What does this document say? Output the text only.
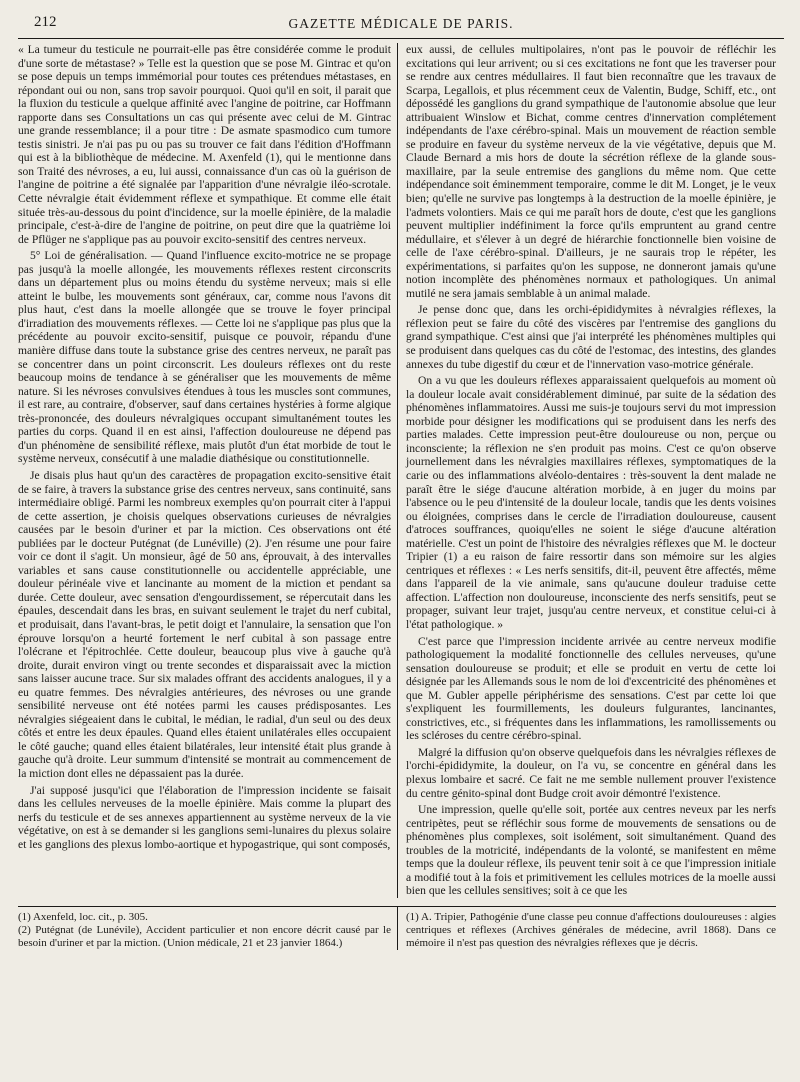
212	GAZETTE MÉDICALE DE PARIS.

« La tumeur du testicule ne pourrait-elle pas être considérée comme le produit d'une sorte de métastase? » Telle est la question que se pose M. Gintrac et qu'on se pose depuis un temps immémorial pour toutes ces prétendues métastases, en répondant oui ou non, sans trop savoir pourquoi. Quoi qu'il en soit, il parait que la fluxion du testicule a quelque affinité avec l'angine de poitrine, car Hoffmann rapporte dans ses Consultations un cas qui présente avec celui de M. Gintrac une grande ressemblance; il a pour titre : De asmate spasmodico cum tumore testis sinistri. Je n'ai pas pu ou pas su trouver ce fait dans l'édition d'Hoffmann qui est à la bibliothèque de médecine. M. Axenfeld (1), qui le mentionne dans son Traité des névroses, a eu, lui aussi, connaissance d'un cas où la guérison de l'angine de poitrine a été signalée par l'apparition d'une névralgie iléo-scrotale. Cette névralgie était évidemment réflexe et sympathique. Et comme elle était située très-au-dessous du point d'incidence, sur la moelle épinière, de la maladie principale, c'est-à-dire de l'angine de poitrine, on peut dire que la quatrième loi de Pflüger ne s'applique pas au pouvoir excito-sensitif des centres nerveux.

5° Loi de généralisation. — Quand l'influence excito-motrice ne se propage pas jusqu'à la moelle allongée, les mouvements réflexes restent circonscrits dans un département plus ou moins étendu du système nerveux; mais si elle atteint le bulbe, les mouvements sont généraux, car, comme nous l'avons dit plus haut, c'est dans la moelle allongée que se trouve le foyer principal d'irradiation des mouvements réflexes. — Cette loi ne s'applique pas plus que la précédente au pouvoir excito-sensitif, puisque ce pouvoir, répandu d'une manière diffuse dans toute la substance grise des centres nerveux, ne paraît pas se concentrer dans un point circonscrit. Les douleurs réflexes ont du reste beaucoup moins de tendance à se généraliser que les mouvements de même nature. Si les névroses convulsives étendues à tous les muscles sont communes, il est rare, au contraire, d'observer, sauf dans certaines hystéries à forme algique très-prononcée, des douleurs névralgiques occupant simultanément toutes les parties du corps. Quand il en est ainsi, l'affection douloureuse ne dépend pas d'un phénomène de sensibilité réflexe, mais plutôt d'un état morbide de tout le système nerveux, consécutif à une maladie diathésique ou constitutionnelle.

Je disais plus haut qu'un des caractères de propagation excito-sensitive était de se faire, à travers la substance grise des centres nerveux, sans continuité, sans intermédiaire obligé. Parmi les nombreux exemples qu'on pourrait citer à l'appui de cette assertion, je choisis quelques observations curieuses de névralgies causées par le besoin d'uriner et par la miction. Ces observations ont été publiées par le docteur Putégnat (de Lunéville) (2). J'en résume une pour faire voir ce dont il s'agit. Un monsieur, âgé de 50 ans, éprouvait, à des intervalles variables et sans cause constitutionnelle ou accidentelle appréciable, une douleur périnéale vive et lancinante au moment de la miction et pendant sa durée. Cette douleur, avec sensation d'engourdissement, se répercutait dans les épaules, descendait dans les bras, en suivant seulement le trajet du nerf cubital, et produisait, dans l'avant-bras, le petit doigt et l'annulaire, la sensation que l'on éprouve lorsqu'on a heurté fortement le nerf cubital à son passage entre l'olécrane et l'épitrochlée. Cette douleur, beaucoup plus vive à gauche qu'à droite, durait environ vingt ou trente secondes et disparaissait avec la miction sans laisser aucune trace. Sur six malades offrant des accidents analogues, il y a eu quatre femmes. Des névralgies antérieures, des névroses ou une grande sensibilité nerveuse ont été notées parmi les causes prédisposantes. Les névralgies siégeaient dans le cubital, le médian, le radial, d'un seul ou des deux côtés et entre les deux épaules. Quand elles étaient unilatérales elles occupaient le côté gauche; quand elles étaient bilatérales, leur intensité était plus grande à gauche qu'à droite. Leur summum d'intensité se montrait au commencement de la miction dont elles ne dépassaient pas la durée.

J'ai supposé jusqu'ici que l'élaboration de l'impression incidente se faisait dans les cellules nerveuses de la moelle épinière. Mais comme la plupart des nerfs du testicule et de ses annexes appartiennent au système nerveux de la vie végétative, on est à se demander si les ganglions semi-lunaires du plexus solaire et les ganglions des plexus lombo-aortique et hypogastrique, qui sont composés,

eux aussi, de cellules multipolaires, n'ont pas le pouvoir de réfléchir les excitations qui leur arrivent; ou si ces excitations ne font que les traverser pour se rendre aux centres médullaires. Il faut bien reconnaître que les travaux de Scarpa, Legallois, et plus récemment ceux de Valentin, Budge, Schiff, etc., ont dépossédé les ganglions du grand sympathique de l'autonomie absolue que leur attribuaient Winslow et Bichat, comme centres d'innervation complétement indépendants de l'axe cérébro-spinal. Mais un mouvement de réaction semble se produire en faveur du système nerveux de la vie végétative, depuis que M. Claude Bernard a mis hors de doute la sécrétion réflexe de la glande sous-maxillaire, par la seule entremise des ganglions du même nom. Que cette indépendance soit éminemment temporaire, comme le dit M. Longet, je le veux bien; qu'elle ne survive pas longtemps à la destruction de la moelle épinière, je l'admets volontiers. Mais ce qui me paraît hors de doute, c'est que les ganglions peuvent multiplier indéfiniment la force qu'ils empruntent au grand centre médullaire, et s'élever à un degré de hiérarchie fonctionnelle bien voisine de celle de l'axe cérébro-spinal. D'ailleurs, je ne saurais trop le répéter, les expérimentations, si parfaites qu'on les suppose, ne donneront jamais qu'une notion incomplète des phénomènes normaux et pathologiques. Un animal mutilé ne sera jamais semblable à un animal malade.

Je pense donc que, dans les orchi-épididymites à névralgies réflexes, la réflexion peut se faire du côté des viscères par l'entremise des ganglions du grand sympathique. C'est ainsi que j'ai interprété les phénomènes multiples qui se produisent dans quelques cas du côté de l'estomac, des intestins, des glandes annexes du tube digestif du cœur et de l'innervation vaso-motrice générale.

On a vu que les douleurs réflexes apparaissaient quelquefois au moment où la douleur locale avait considérablement diminué, par suite de la sédation des phénomènes inflammatoires. Aussi me suis-je toujours servi du mot impression morbide pour désigner les modifications qui se produisent dans les nerfs des parties malades. Cette impression peut-être douloureuse ou non, perçue ou inconsciente; la réflexion ne s'en produit pas moins. C'est ce qu'on observe journellement dans les névralgies maxillaires réflexes, symptomatiques de la carie ou des inflammations alvéolo-dentaires : très-souvent la dent malade ne paraît être le siége d'aucune altération morbide, à en juger du moins par l'absence ou le peu d'intensité de la douleur locale, tandis que les dents voisines ou éloignées, comprises dans le cercle de l'irradiation douloureuse, causent d'atroces souffrances, quoiqu'elles ne soient le siége d'aucune altération matérielle. C'est un point de l'histoire des névralgies réflexes que M. le docteur Tripier (1) a eu raison de faire ressortir dans son mémoire sur les algies centriques et réflexes : « Les nerfs sensitifs, dit-il, peuvent être affectés, même dans l'appareil de la vie animale, sans qu'aucune douleur traduise cette affection. L'affection non douloureuse, inconsciente des nerfs sensitifs, peut se propager, suivant leur trajet, jusqu'au centre nerveux, et constitue celui-ci à l'état pathologique. »

C'est parce que l'impression incidente arrivée au centre nerveux modifie pathologiquement la modalité fonctionnelle des cellules nerveuses, qu'une sensation douloureuse se produit; et elle se produit en vertu de cette loi désignée par les Allemands sous le nom de loi d'excentricité des phénomènes et que M. Gubler appelle périphérisme des sensations. C'est par cette loi que s'expliquent les fourmillements, les douleurs fulgurantes, lancinantes, constrictives, etc., si fréquentes dans les inflammations, les ramollissements ou les scléroses du centre cérébro-spinal.

Malgré la diffusion qu'on observe quelquefois dans les névralgies réflexes de l'orchi-épididymite, la douleur, on l'a vu, se concentre en général dans les plexus lombaire et sacré. Ce fait ne me semble nullement prouver l'existence du centre génito-spinal dont Budge croit avoir démontré l'existence.

Une impression, quelle qu'elle soit, portée aux centres neveux par les nerfs centripètes, peut se réfléchir sous forme de mouvements de sensations ou de phénomènes plus complexes, soit isolément, soit simultanément. Quand des troubles de la motricité, indépendants de la volonté, se manifestent en même temps que la douleur réflexe, ils peuvent tenir soit à ce que l'impression initiale a modifié tout à la fois et primitivement les cellules motrices de la moelle aussi bien que les cellules sensitives; soit à ce que les

(1) Axenfeld, loc. cit., p. 305.

(2) Putégnat (de Lunévile), Accident particulier et non encore décrit causé par le besoin d'uriner et par la miction. (Union médicale, 21 et 23 janvier 1864.)

(1) A. Tripier, Pathogénie d'une classe peu connue d'affections douloureuses : algies centriques et réflexes (Archives générales de médecine, avril 1868). Dans ce mémoire il n'est pas question des névralgies réflexes que je décris.
